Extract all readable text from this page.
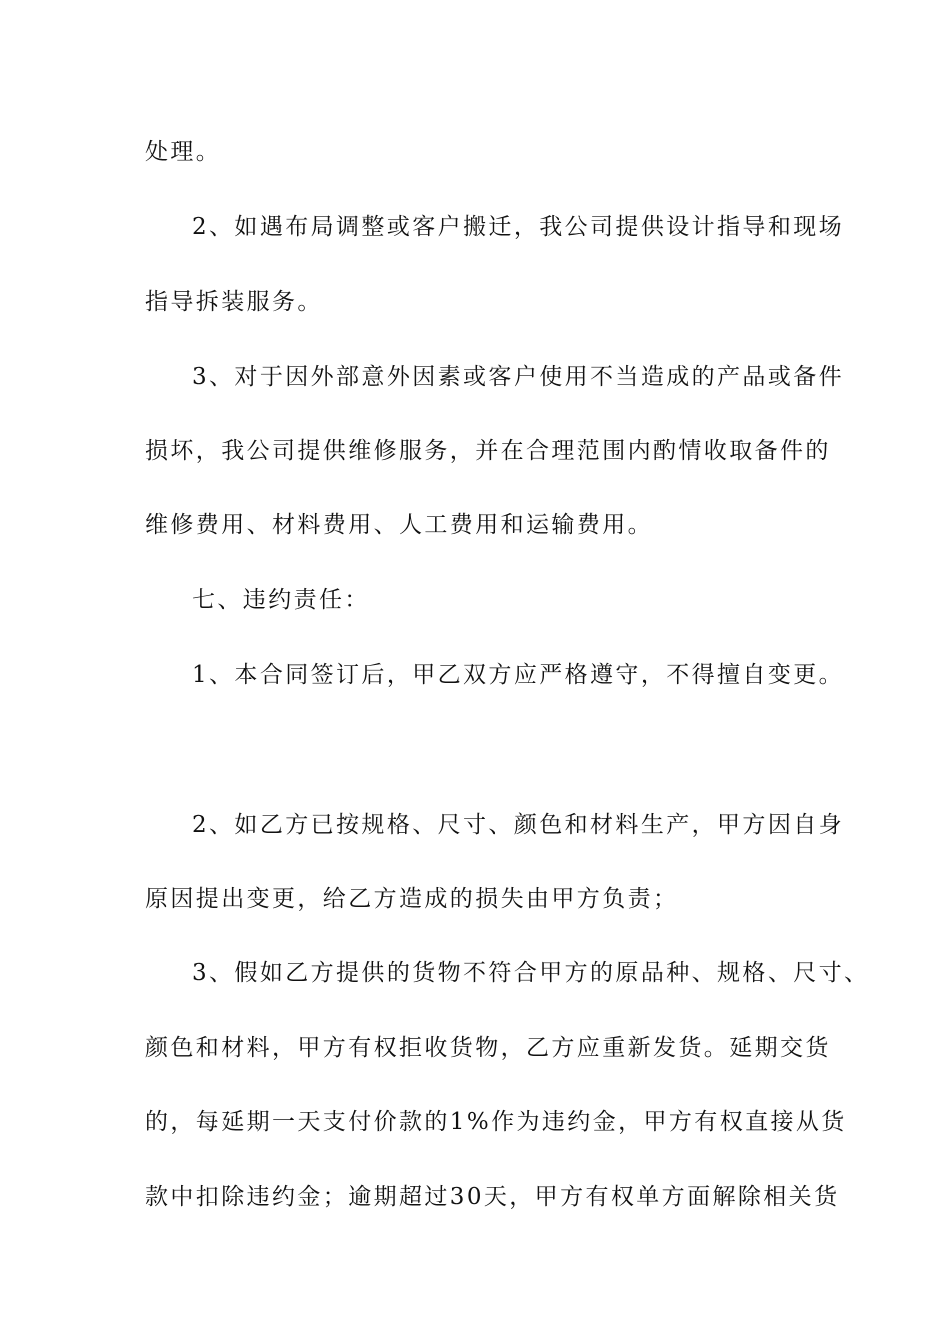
处理。
2、如遇布局调整或客户搬迁，我公司提供设计指导和现场
指导拆装服务。
3、对于因外部意外因素或客户使用不当造成的产品或备件
损坏，我公司提供维修服务，并在合理范围内酌情收取备件的
维修费用、材料费用、人工费用和运输费用。
七、违约责任：
1、本合同签订后，甲乙双方应严格遵守，不得擅自变更。
2、如乙方已按规格、尺寸、颜色和材料生产，甲方因自身
原因提出变更，给乙方造成的损失由甲方负责；
3、假如乙方提供的货物不符合甲方的原品种、规格、尺寸、
颜色和材料，甲方有权拒收货物，乙方应重新发货。延期交货
的，每延期一天支付价款的1%作为违约金，甲方有权直接从货
款中扣除违约金；逾期超过30天，甲方有权单方面解除相关货
